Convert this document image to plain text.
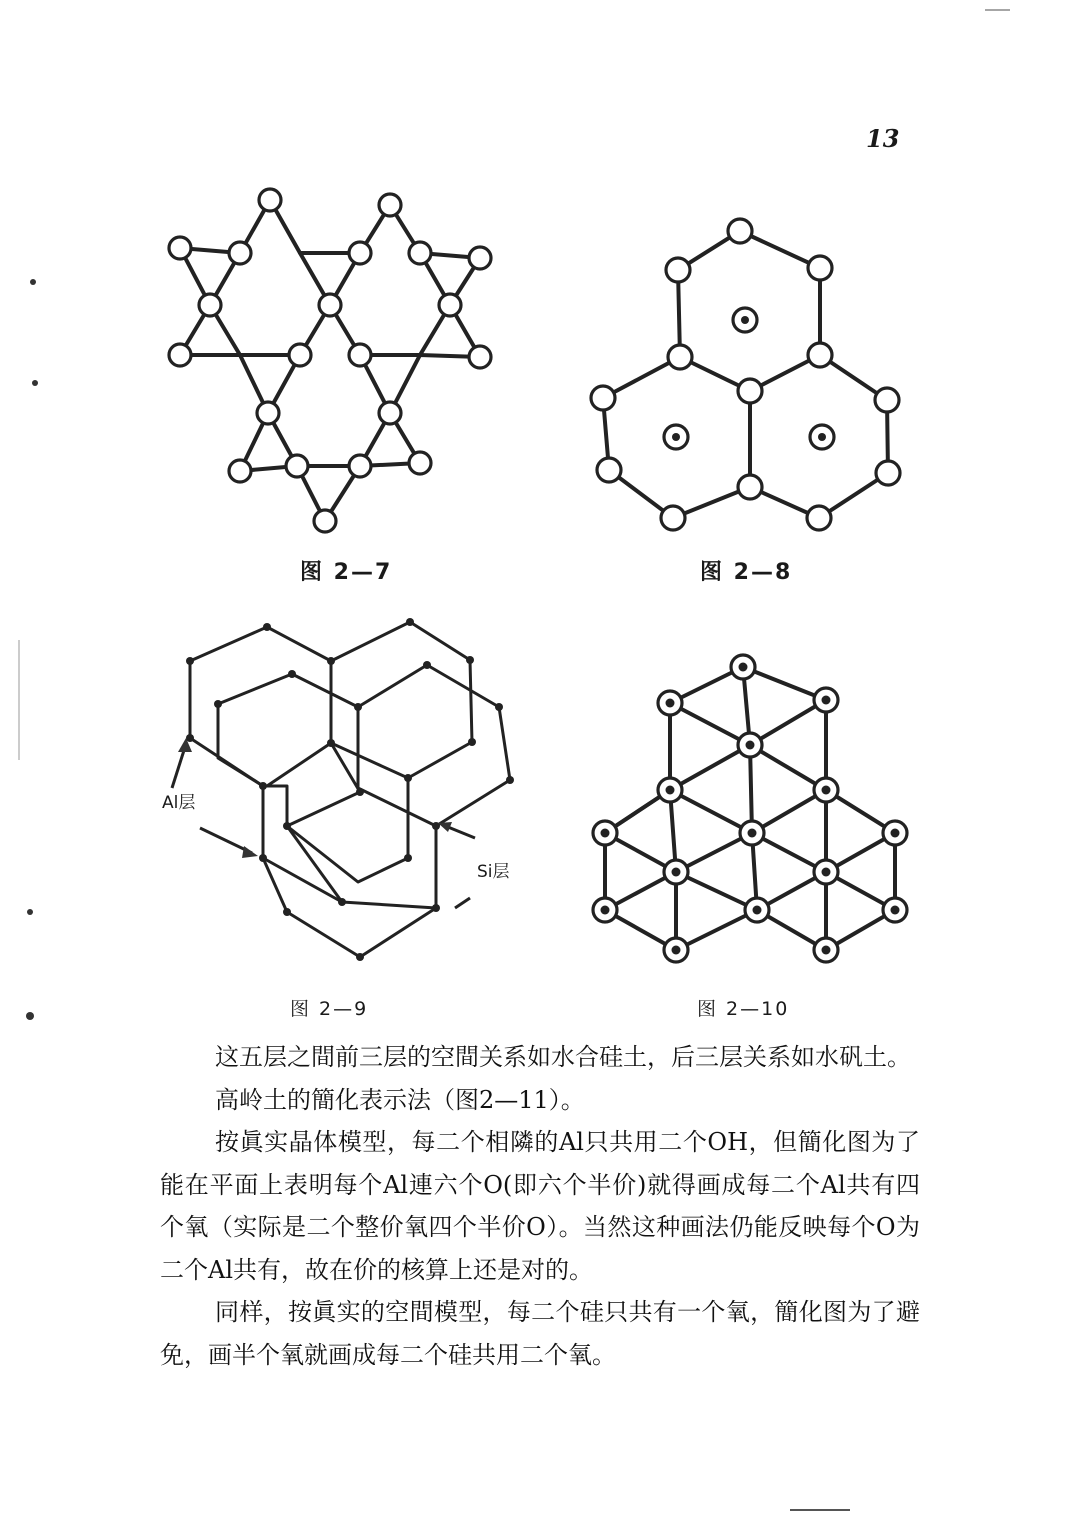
13
图 2—7	图 2—8
Al层
Si层
图 2—9	图 2—10

这五层之間前三层的空間关系如水合硅土，后三层关系如水矾土。

高岭土的簡化表示法（图2—11）。

按眞实晶体模型，每二个相隣的Al只共用二个OH，但簡化图为了能在平面上表明每个Al連六个O(即六个半价)就得画成每二个Al共有四个氧（实际是二个整价氧四个半价O）。当然这种画法仍能反映每个O为二个Al共有，故在价的核算上还是对的。

同样，按眞实的空間模型，每二个硅只共有一个氧，簡化图为了避免，画半个氧就画成每二个硅共用二个氧。
